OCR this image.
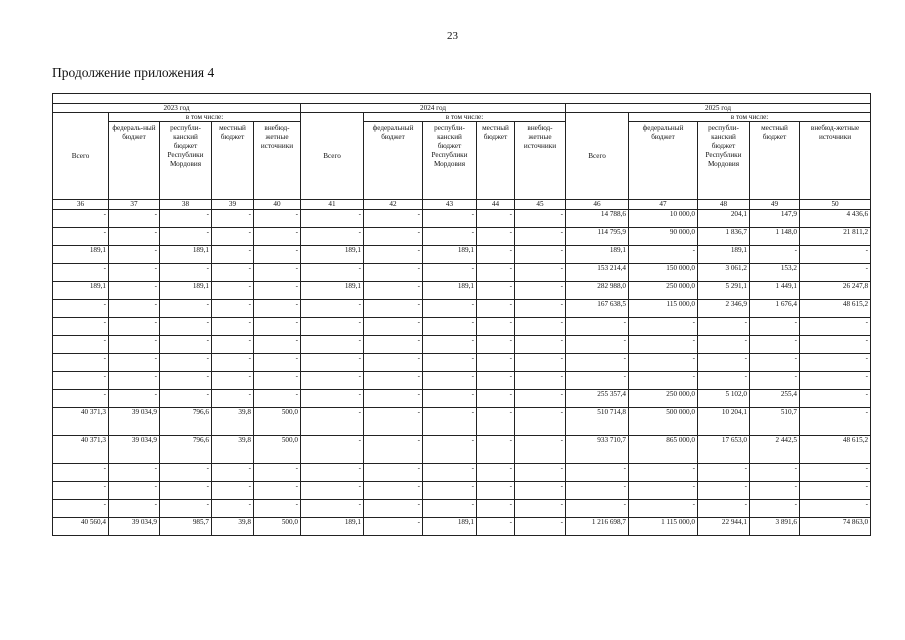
23
Продолжение приложения 4

2023 год					2024 год					2025 год				
Всего	в том числе:				Всего	в том числе:				Всего	в том числе:			
	федераль-ный бюджет	республи-канский бюджет Республики Мордовия	местный бюджет	внебюд-жетные источники		федеральный бюджет	республи-канский бюджет Республики Мордовия	местный бюджет	внебюд-жетные источники		федеральный бюджет	республи-канский бюджет Республики Мордовия	местный бюджет	внебюд-жетные источники
36	37	38	39	40	41	42	43	44	45	46	47	48	49	50
-	-	-	-	-	-	-	-	-	-	14 788,6	10 000,0	204,1	147,9	4 436,6
-	-	-	-	-	-	-	-	-	-	114 795,9	90 000,0	1 836,7	1 148,0	21 811,2
189,1	-	189,1	-	-	189,1	-	189,1	-	-	189,1	-	189,1	-	-
-	-	-	-	-	-	-	-	-	-	153 214,4	150 000,0	3 061,2	153,2	-
189,1	-	189,1	-	-	189,1	-	189,1	-	-	282 988,0	250 000,0	5 291,1	1 449,1	26 247,8
-	-	-	-	-	-	-	-	-	-	167 638,5	115 000,0	2 346,9	1 676,4	48 615,2
-	-	-	-	-	-	-	-	-	-	-	-	-	-	-
-	-	-	-	-	-	-	-	-	-	-	-	-	-	-
-	-	-	-	-	-	-	-	-	-	-	-	-	-	-
-	-	-	-	-	-	-	-	-	-	-	-	-	-	-
-	-	-	-	-	-	-	-	-	-	255 357,4	250 000,0	5 102,0	255,4	-
40 371,3	39 034,9	796,6	39,8	500,0	-	-	-	-	-	510 714,8	500 000,0	10 204,1	510,7	-
40 371,3	39 034,9	796,6	39,8	500,0	-	-	-	-	-	933 710,7	865 000,0	17 653,0	2 442,5	48 615,2
-	-	-	-	-	-	-	-	-	-	-	-	-	-	-
-	-	-	-	-	-	-	-	-	-	-	-	-	-	-
-	-	-	-	-	-	-	-	-	-	-	-	-	-	-
40 560,4	39 034,9	985,7	39,8	500,0	189,1	-	189,1	-	-	1 216 698,7	1 115 000,0	22 944,1	3 891,6	74 863,0
